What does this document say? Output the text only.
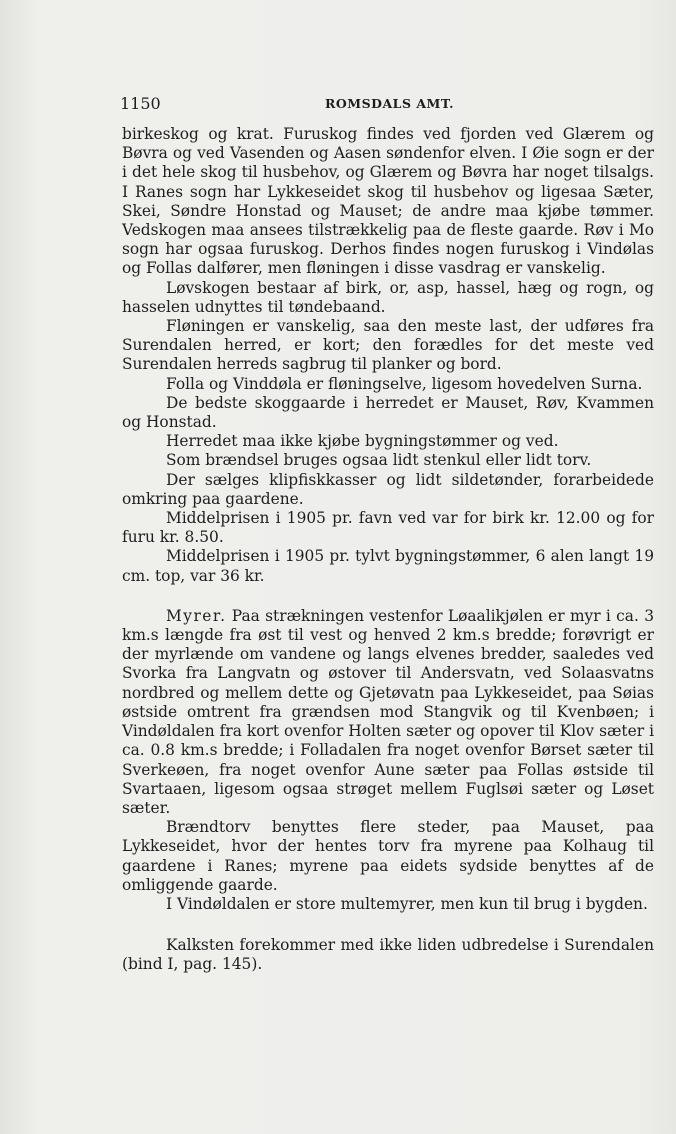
1150	ROMSDALS AMT.

birkeskog og krat. Furuskog findes ved fjorden ved Glærem og Bøvra og ved Vasenden og Aasen søndenfor elven. I Øie sogn er der i det hele skog til husbehov, og Glærem og Bøvra har noget tilsalgs. I Ranes sogn har Lykkeseidet skog til husbehov og ligesaa Sæter, Skei, Søndre Honstad og Mauset; de andre maa kjøbe tømmer. Vedskogen maa ansees tilstrækkelig paa de fleste gaarde. Røv i Mo sogn har ogsaa furuskog. Derhos findes nogen furuskog i Vindølas og Follas dalfører, men fløningen i disse vasdrag er vanskelig.

Løvskogen bestaar af birk, or, asp, hassel, hæg og rogn, og hasselen udnyttes til tøndebaand.

Fløningen er vanskelig, saa den meste last, der udføres fra Surendalen herred, er kort; den forædles for det meste ved Surendalen herreds sagbrug til planker og bord.

Folla og Vinddøla er fløningselve, ligesom hovedelven Surna.

De bedste skoggaarde i herredet er Mauset, Røv, Kvammen og Honstad.

Herredet maa ikke kjøbe bygningstømmer og ved.

Som brændsel bruges ogsaa lidt stenkul eller lidt torv.

Der sælges klipfiskkasser og lidt sildetønder, forarbeidede omkring paa gaardene.

Middelprisen i 1905 pr. favn ved var for birk kr. 12.00 og for furu kr. 8.50.

Middelprisen i 1905 pr. tylvt bygningstømmer, 6 alen langt 19 cm. top, var 36 kr.

Myrer. Paa strækningen vestenfor Løaalikjølen er myr i ca. 3 km.s længde fra øst til vest og henved 2 km.s bredde; forøvrigt er der myrlænde om vandene og langs elvenes bredder, saaledes ved Svorka fra Langvatn og østover til Andersvatn, ved Solaasvatns nordbred og mellem dette og Gjetøvatn paa Lykkeseidet, paa Søias østside omtrent fra grændsen mod Stangvik og til Kvenbøen; i Vindøldalen fra kort ovenfor Holten sæter og opover til Klov sæter i ca. 0.8 km.s bredde; i Folladalen fra noget ovenfor Børset sæter til Sverkeøen, fra noget ovenfor Aune sæter paa Follas østside til Svartaaen, ligesom ogsaa strøget mellem Fuglsøi sæter og Løset sæter.

Brændtorv benyttes flere steder, paa Mauset, paa Lykkeseidet, hvor der hentes torv fra myrene paa Kolhaug til gaardene i Ranes; myrene paa eidets sydside benyttes af de omliggende gaarde.

I Vindøldalen er store multemyrer, men kun til brug i bygden.

Kalksten forekommer med ikke liden udbredelse i Surendalen (bind I, pag. 145).
